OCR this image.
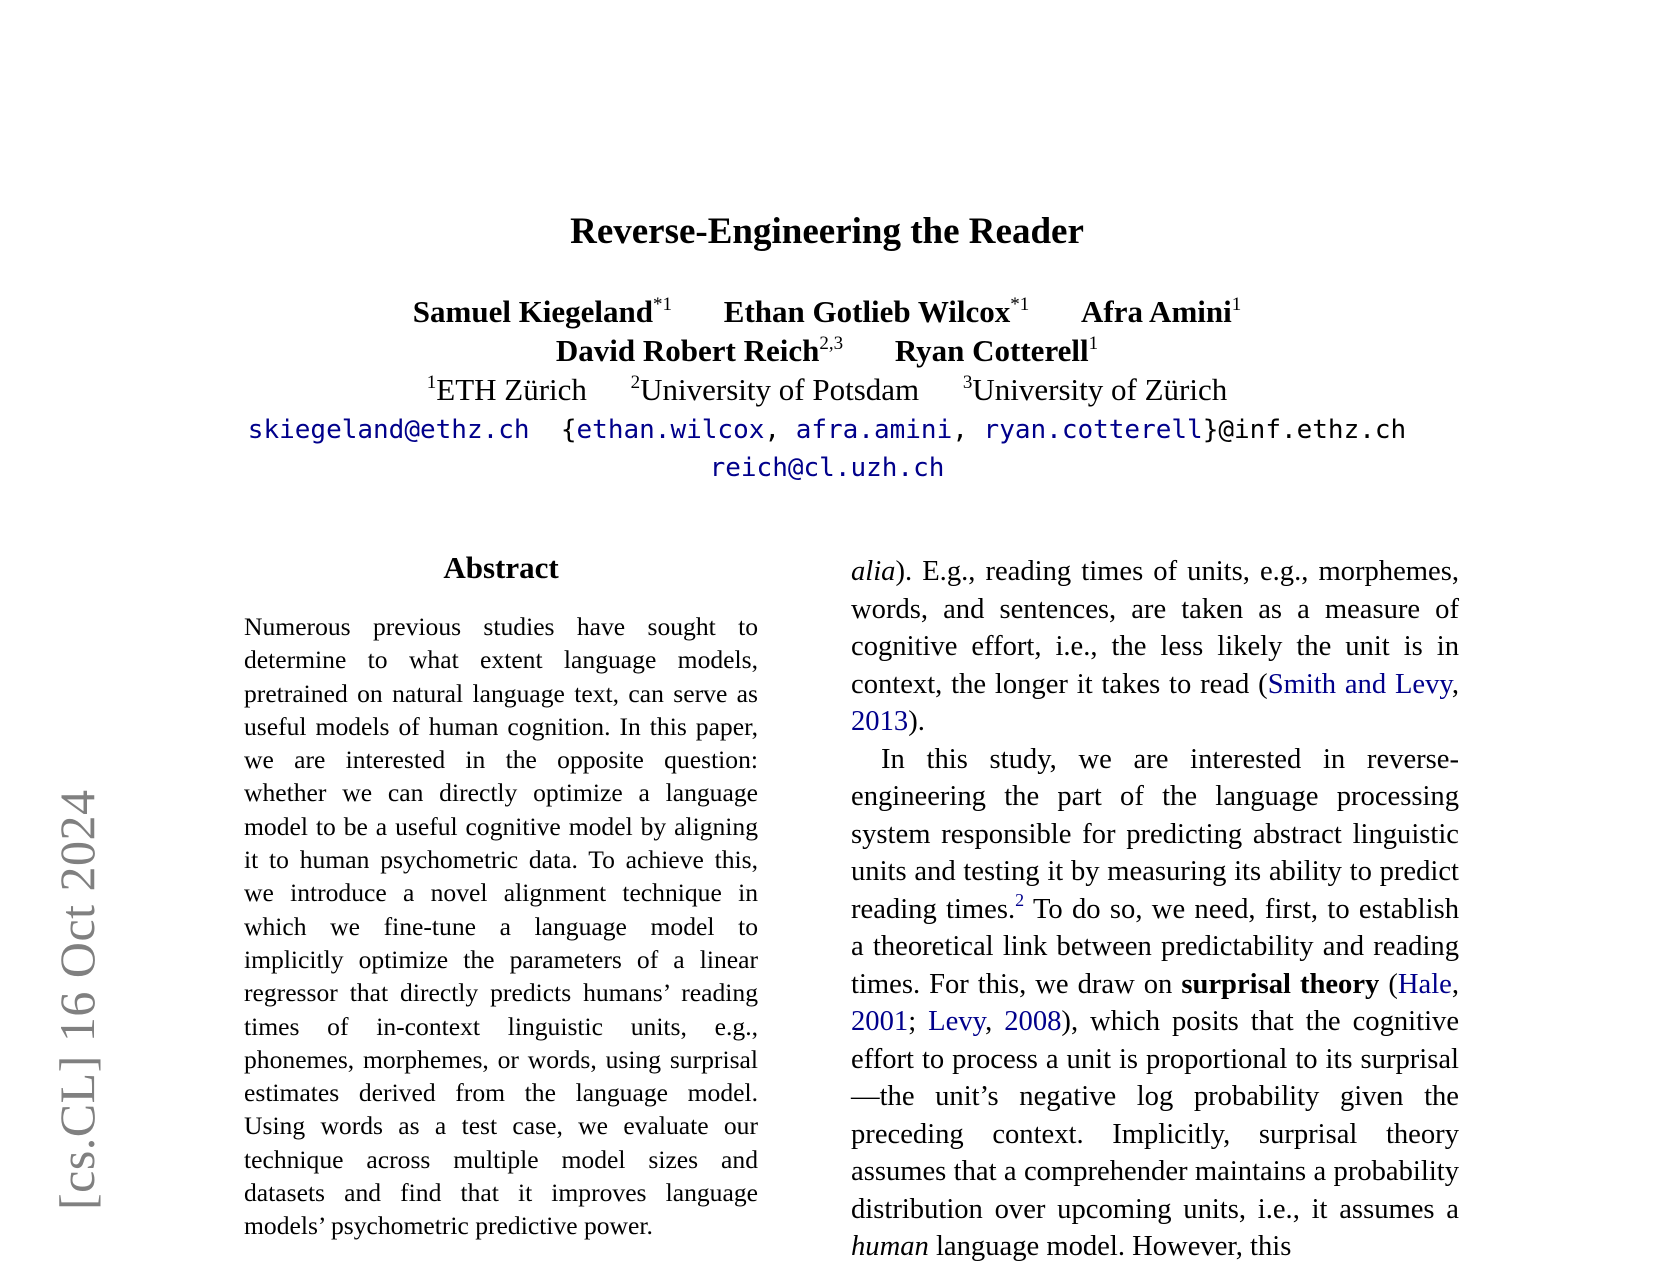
[cs.CL] 16 Oct 2024
Reverse-Engineering the Reader
Samuel Kiegeland$^{*1}$ Ethan Gotlieb Wilcox$^{*1}$ Afra Amini$^1$
David Robert Reich$^{2,3}$ Ryan Cotterell$^1$
$^1$ETH Zürich $^2$University of Potsdam $^3$University of Zürich
skiegeland@ethz.ch {ethan.wilcox, afra.amini, ryan.cotterell}@inf.ethz.ch
reich@cl.uzh.ch
Abstract

Numerous previous studies have sought to determine to what extent language models, pretrained on natural language text, can serve as useful models of human cognition. In this paper, we are interested in the opposite question: whether we can directly optimize a language model to be a useful cognitive model by aligning it to human psychometric data. To achieve this, we introduce a novel alignment technique in which we fine-tune a language model to implicitly optimize the parameters of a linear regressor that directly predicts humans’ reading times of in-context linguistic units, e.g., phonemes, morphemes, or words, using surprisal estimates derived from the language model. Using words as a test case, we evaluate our technique across multiple model sizes and datasets and find that it improves language models’ psychometric predictive power.

alia). E.g., reading times of units, e.g., morphemes, words, and sentences, are taken as a measure of cognitive effort, i.e., the less likely the unit is in context, the longer it takes to read (Smith and Levy, 2013).

In this study, we are interested in reverse-engineering the part of the language processing system responsible for predicting abstract linguistic units and testing it by measuring its ability to predict reading times.$^2$ To do so, we need, first, to establish a theoretical link between predictability and reading times. For this, we draw on surprisal theory (Hale, 2001; Levy, 2008), which posits that the cognitive effort to process a unit is proportional to its surprisal—the unit’s negative log probability given the preceding context. Implicitly, surprisal theory assumes that a comprehender maintains a probability distribution over upcoming units, i.e., it assumes a human language model. However, this
